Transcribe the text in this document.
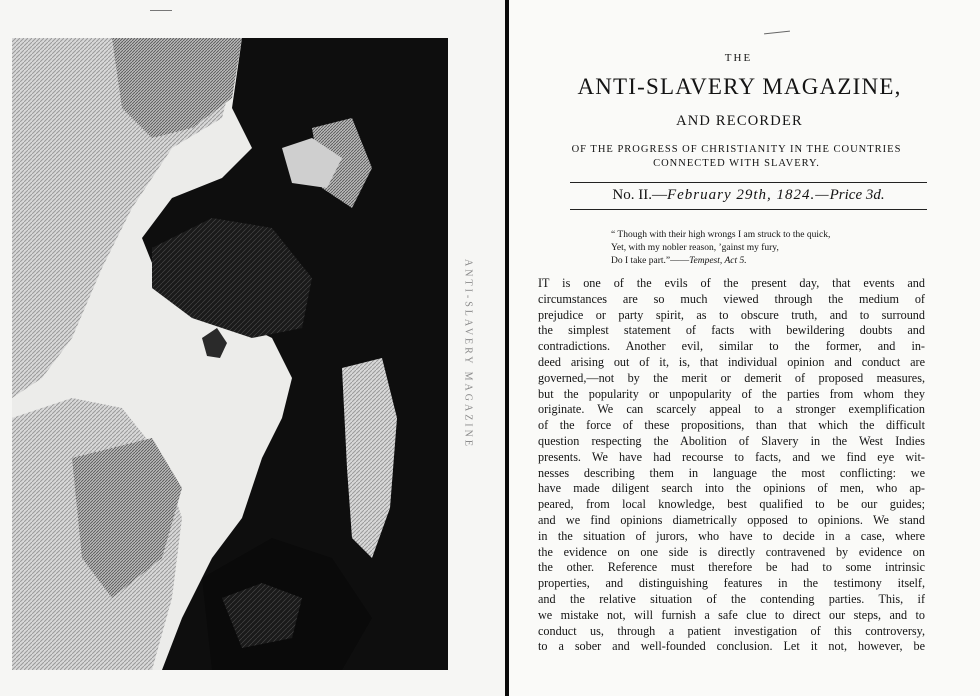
ANTI-SLAVERY MAGAZINE
THE
ANTI-SLAVERY MAGAZINE,
AND RECORDER
OF THE PROGRESS OF CHRISTIANITY IN THE COUNTRIES
CONNECTED WITH SLAVERY.
No. II.—February 29th, 1824.—Price 3d.
“ Though with their high wrongs I am struck to the quick,
Yet, with my nobler reason, ’gainst my fury,
Do I take part.”——Tempest, Act 5.
IT is one of the evils of the present day, that events and
circumstances are so much viewed through the medium of
prejudice or party spirit, as to obscure truth, and to surround
the simplest statement of facts with bewildering doubts and
contradictions. Another evil, similar to the former, and in-
deed arising out of it, is, that individual opinion and conduct are
governed,—not by the merit or demerit of proposed measures,
but the popularity or unpopularity of the parties from whom they
originate. We can scarcely appeal to a stronger exemplification
of the force of these propositions, than that which the difficult
question respecting the Abolition of Slavery in the West Indies
presents. We have had recourse to facts, and we find eye wit-
nesses describing them in language the most conflicting: we
have made diligent search into the opinions of men, who ap-
peared, from local knowledge, best qualified to be our guides;
and we find opinions diametrically opposed to opinions. We stand
in the situation of jurors, who have to decide in a case, where
the evidence on one side is directly contravened by evidence on
the other. Reference must therefore be had to some intrinsic
properties, and distinguishing features in the testimony itself,
and the relative situation of the contending parties. This, if
we mistake not, will furnish a safe clue to direct our steps, and to
conduct us, through a patient investigation of this controversy,
to a sober and well-founded conclusion. Let it not, however, be
